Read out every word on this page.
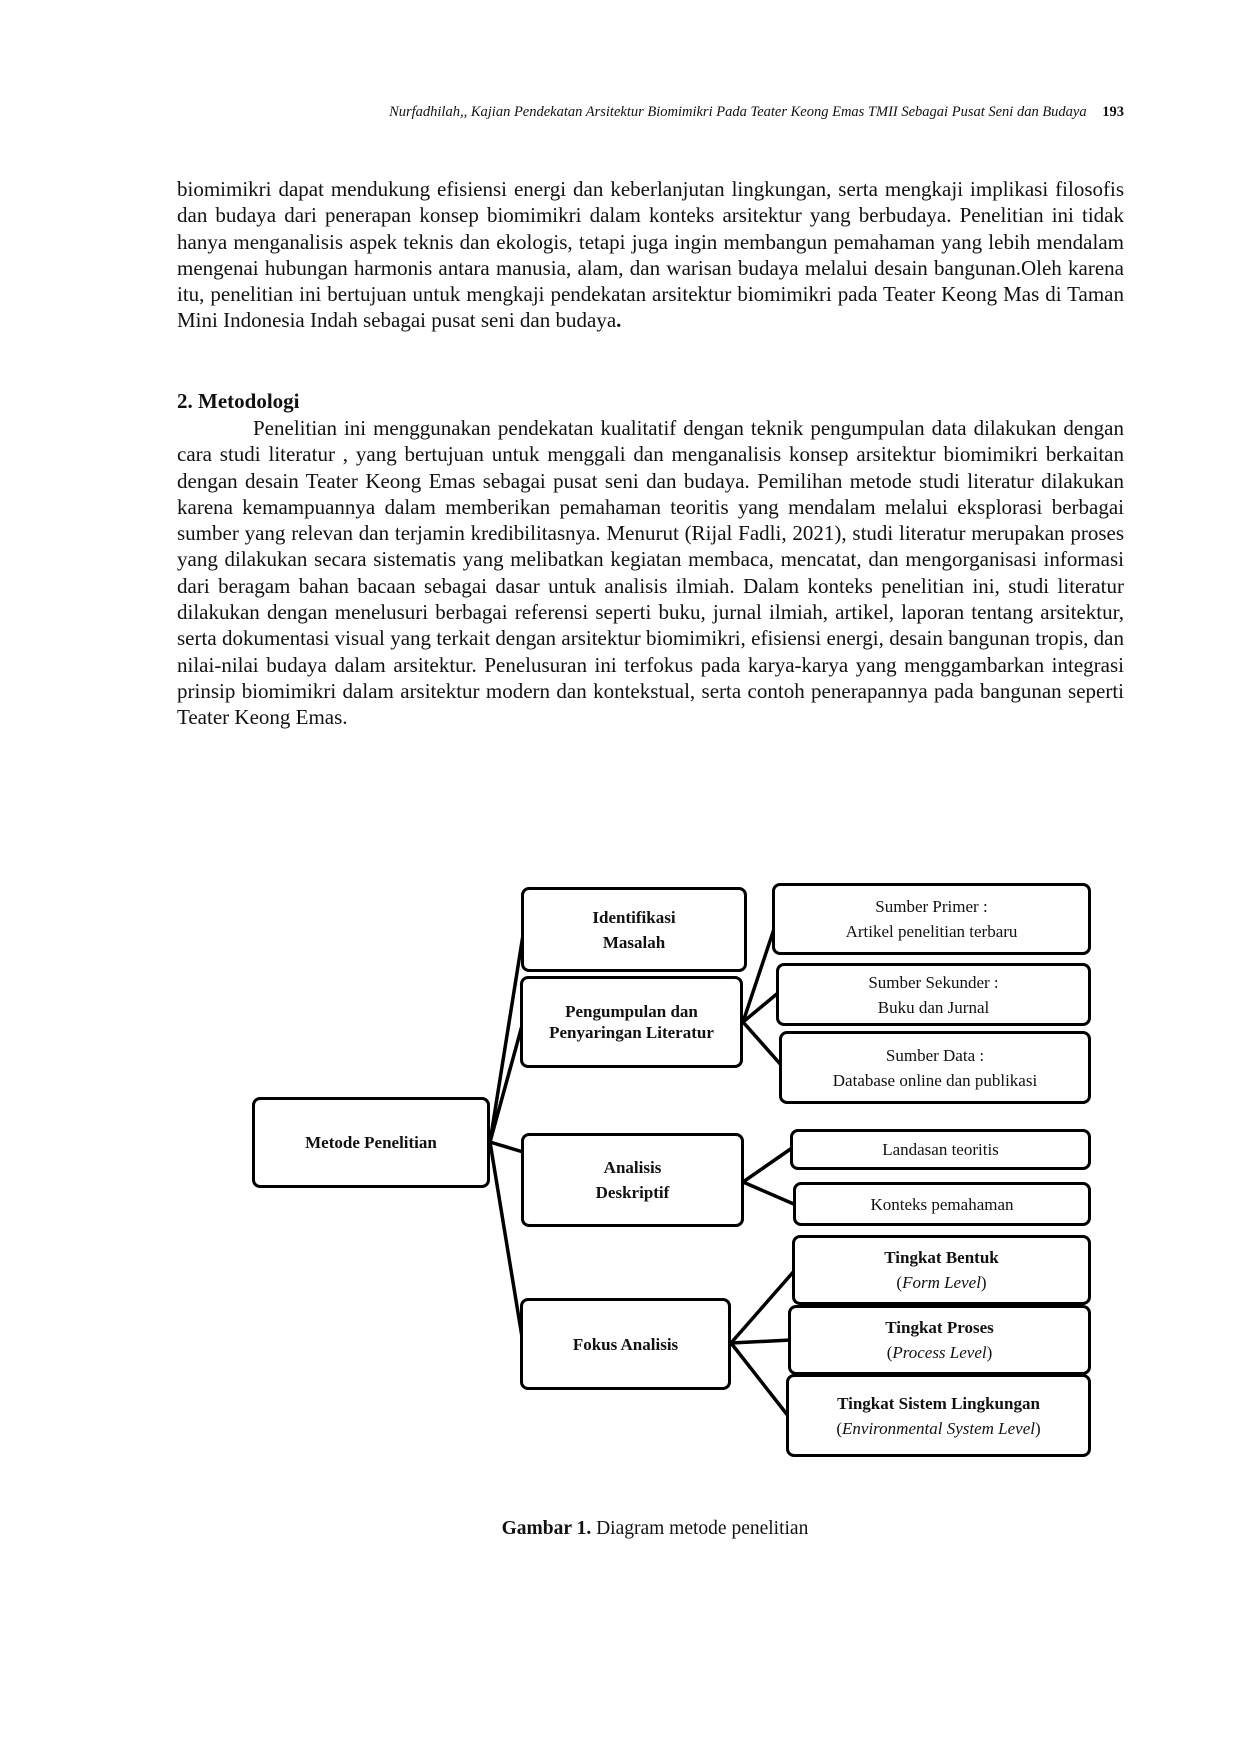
Nurfadhilah,, Kajian Pendekatan Arsitektur Biomimikri Pada Teater Keong Emas TMII Sebagai Pusat Seni dan Budaya 193

biomimikri dapat mendukung efisiensi energi dan keberlanjutan lingkungan, serta mengkaji implikasi filosofis dan budaya dari penerapan konsep biomimikri dalam konteks arsitektur yang berbudaya. Penelitian ini tidak hanya menganalisis aspek teknis dan ekologis, tetapi juga ingin membangun pemahaman yang lebih mendalam mengenai hubungan harmonis antara manusia, alam, dan warisan budaya melalui desain bangunan.Oleh karena itu, penelitian ini bertujuan untuk mengkaji pendekatan arsitektur biomimikri pada Teater Keong Mas di Taman Mini Indonesia Indah sebagai pusat seni dan budaya.

2. Metodologi

Penelitian ini menggunakan pendekatan kualitatif dengan teknik pengumpulan data dilakukan dengan cara studi literatur , yang bertujuan untuk menggali dan menganalisis konsep arsitektur biomimikri berkaitan dengan desain Teater Keong Emas sebagai pusat seni dan budaya. Pemilihan metode studi literatur dilakukan karena kemampuannya dalam memberikan pemahaman teoritis yang mendalam melalui eksplorasi berbagai sumber yang relevan dan terjamin kredibilitasnya. Menurut (Rijal Fadli, 2021), studi literatur merupakan proses yang dilakukan secara sistematis yang melibatkan kegiatan membaca, mencatat, dan mengorganisasi informasi dari beragam bahan bacaan sebagai dasar untuk analisis ilmiah. Dalam konteks penelitian ini, studi literatur dilakukan dengan menelusuri berbagai referensi seperti buku, jurnal ilmiah, artikel, laporan tentang arsitektur, serta dokumentasi visual yang terkait dengan arsitektur biomimikri, efisiensi energi, desain bangunan tropis, dan nilai-nilai budaya dalam arsitektur. Penelusuran ini terfokus pada karya-karya yang menggambarkan integrasi prinsip biomimikri dalam arsitektur modern dan kontekstual, serta contoh penerapannya pada bangunan seperti Teater Keong Emas.

Metode Penelitian
Identifikasi
Masalah
Pengumpulan dan
Penyaringan Literatur
Analisis
Deskriptif
Fokus Analisis
Sumber Primer :
Artikel penelitian terbaru
Sumber Sekunder :
Buku dan Jurnal
Sumber Data :
Database online dan publikasi
Landasan teoritis
Konteks pemahaman
Tingkat Bentuk
(Form Level)
Tingkat Proses
(Process Level)
Tingkat Sistem Lingkungan
(Environmental System Level)
Gambar 1. Diagram metode penelitian
